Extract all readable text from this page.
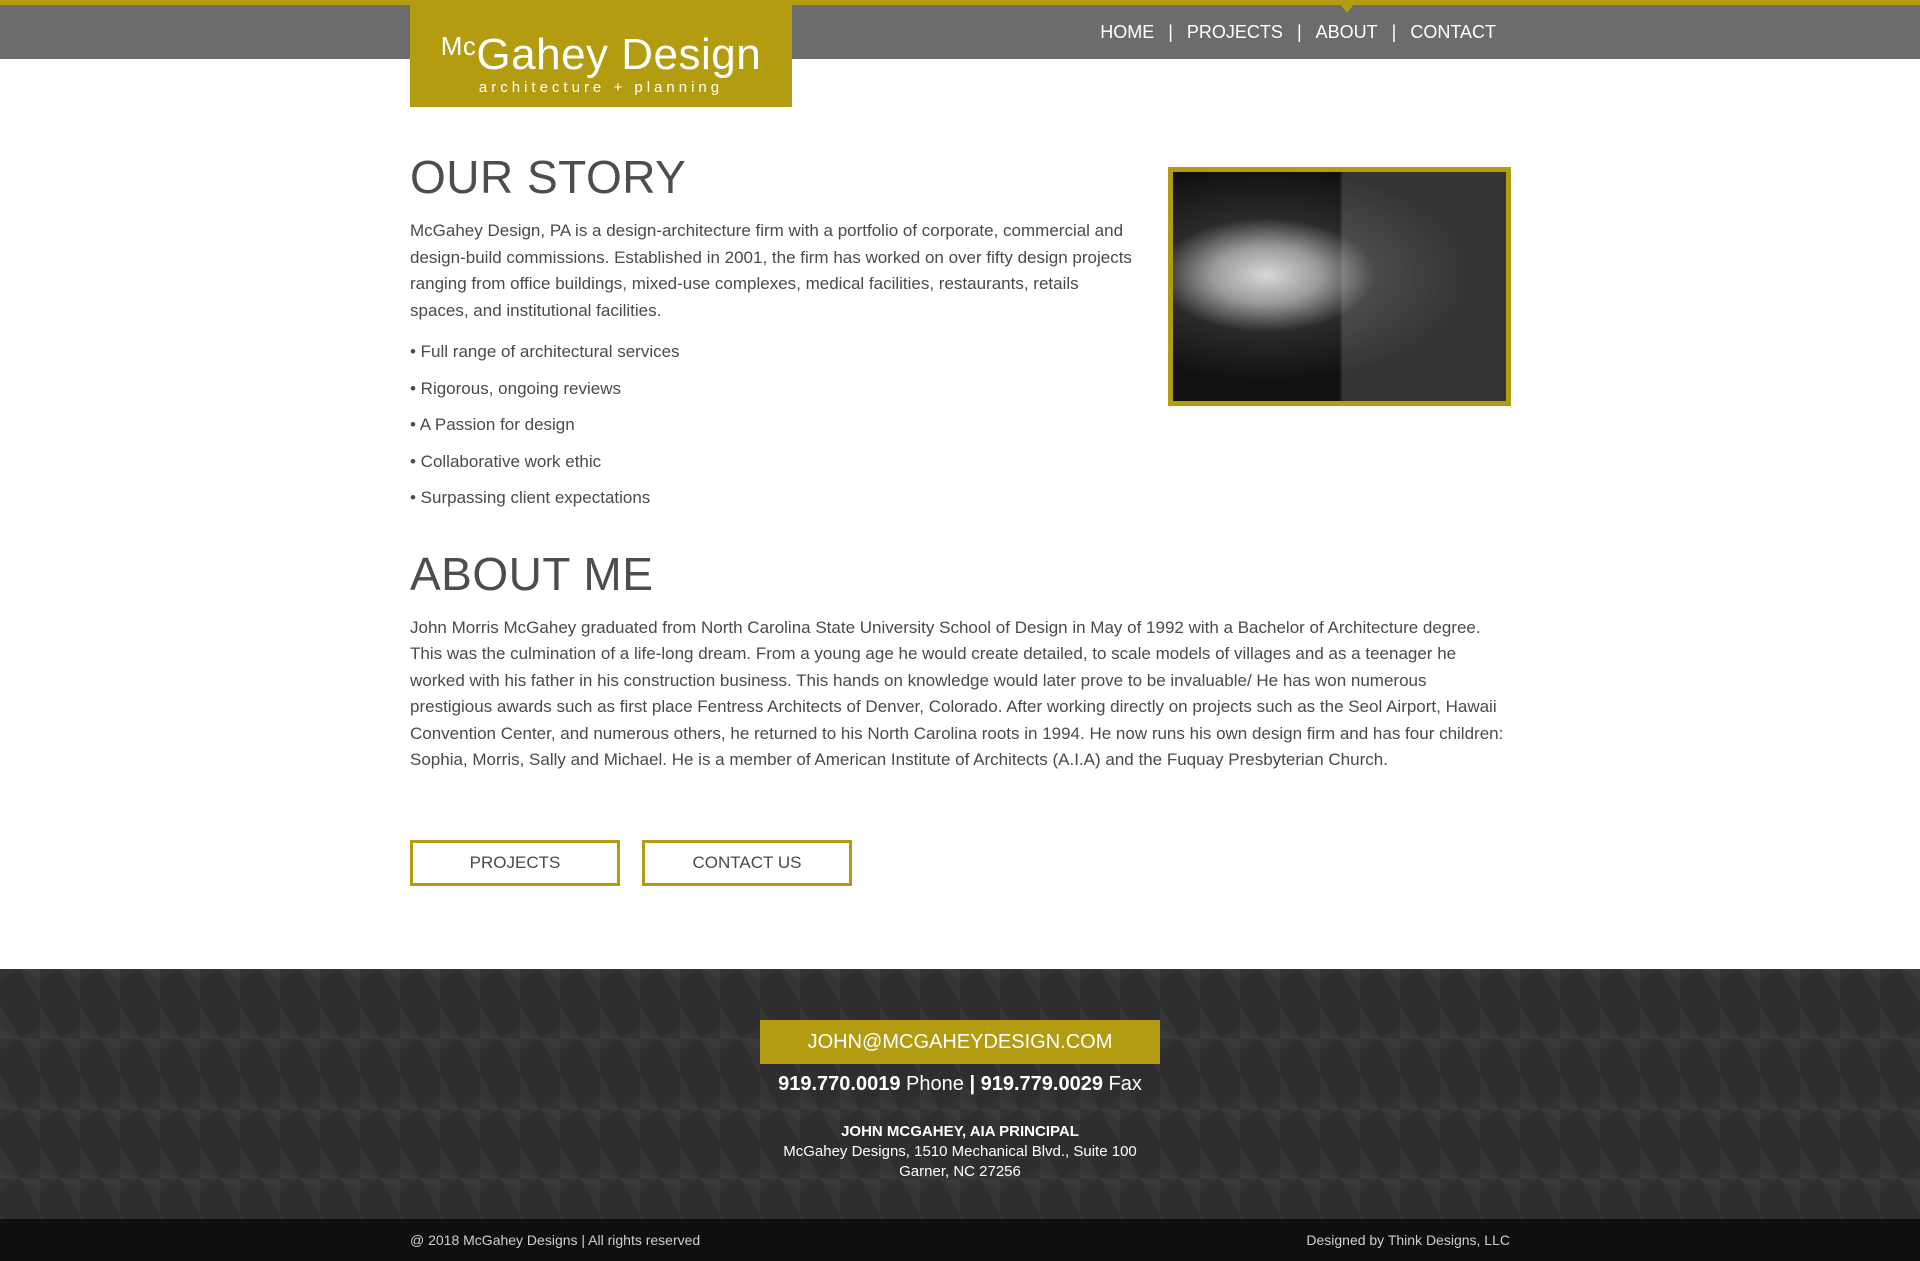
$^{Mc}$Gahey Design
architecture + planning
HOME | PROJECTS | ABOUT | CONTACT
OUR STORY

McGahey Design, PA is a design-architecture firm with a portfolio of corporate, commercial and design-build commissions. Established in 2001, the firm has worked on over fifty design projects ranging from office buildings, mixed-use complexes, medical facilities, restaurants, retails spaces, and institutional facilities.

• Full range of architectural services
• Rigorous, ongoing reviews
• A Passion for design
• Collaborative work ethic
• Surpassing client expectations
ABOUT ME

John Morris McGahey graduated from North Carolina State University School of Design in May of 1992 with a Bachelor of Architecture degree. This was the culmination of a life-long dream. From a young age he would create detailed, to scale models of villages and as a teenager he worked with his father in his construction business. This hands on knowledge would later prove to be invaluable/ He has won numerous prestigious awards such as first place Fentress Architects of Denver, Colorado. After working directly on projects such as the Seol Airport, Hawaii Convention Center, and numerous others, he returned to his North Carolina roots in 1994. He now runs his own design firm and has four children: Sophia, Morris, Sally and Michael. He is a member of American Institute of Architects (A.I.A) and the Fuquay Presbyterian Church.

PROJECTS	CONTACT US
JOHN@MCGAHEYDESIGN.COM
919.770.0019 Phone | 919.779.0029 Fax
JOHN MCGAHEY, AIA PRINCIPAL
McGahey Designs, 1510 Mechanical Blvd., Suite 100
Garner, NC 27256
@ 2018 McGahey Designs | All rights reserved	Designed by Think Designs, LLC
